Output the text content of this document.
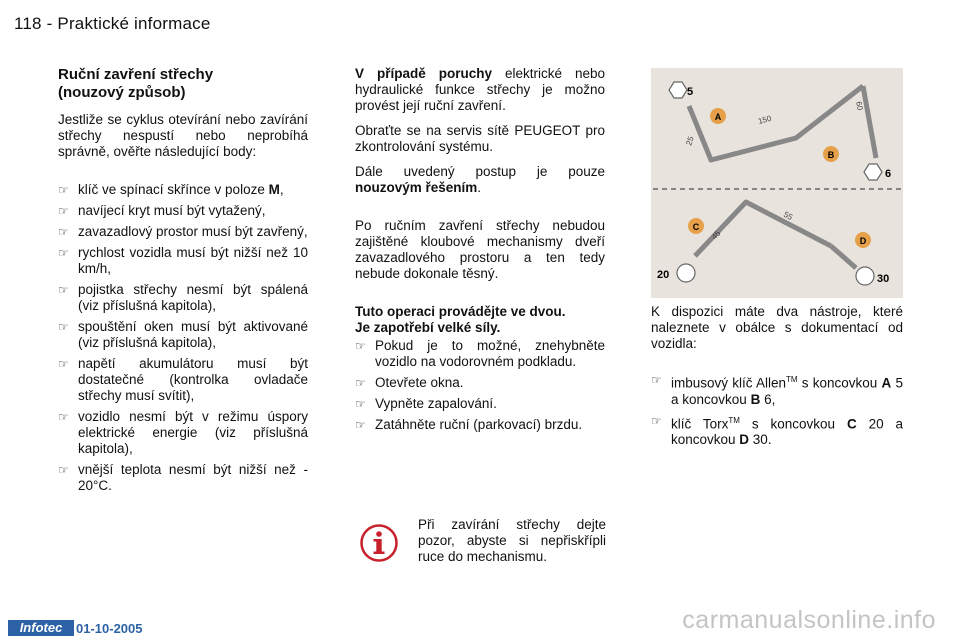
118 - Praktické informace
Ruční zavření střechy
(nouzový způsob)

Jestliže se cyklus otevírání nebo zavírání střechy nespustí nebo neprobíhá správně, ověřte následující body:

☞ klíč ve spínací skřínce v poloze M,
☞ navíjecí kryt musí být vytažený,
☞ zavazadlový prostor musí být zavřený,
☞ rychlost vozidla musí být nižší než 10 km/h,
☞ pojistka střechy nesmí být spálená (viz příslušná kapitola),
☞ spouštění oken musí být aktivované (viz příslušná kapitola),
☞ napětí akumulátoru musí být dostatečné (kontrolka ovladače střechy musí svítit),
☞ vozidlo nesmí být v režimu úspory elektrické energie (viz příslušná kapitola),
☞ vnější teplota nesmí být nižší než - 20°C.

V případě poruchy elektrické nebo hydraulické funkce střechy je možno provést její ruční zavření.

Obraťte se na servis sítě PEUGEOT pro zkontrolování systému.

Dále uvedený postup je pouze nouzovým řešením.

Po ručním zavření střechy nebudou zajištěné kloubové mechanismy dveří zavazadlového prostoru a ten tedy nebude dokonale těsný.

Tuto operaci provádějte ve dvou.
Je zapotřebí velké síly.
☞ Pokud je to možné, znehybněte vozidlo na vodorovném podkladu.
☞ Otevřete okna.
☞ Vypněte zapalování.
☞ Zatáhněte ruční (parkovací) brzdu.
A
B
5
6
25
150
60
C
D
20	30
45
55

K dispozici máte dva nástroje, které naleznete v obálce s dokumentací od vozidla:

☞ imbusový klíč Allen™ s koncovkou A 5 a koncovkou B 6,
☞ klíč Torx™ s koncovkou C 20 a koncovkou D 30.
Při zavírání střechy dejte pozor, abyste si nepřiskřípli ruce do mechanismu.
Infotec	01-10-2005	carmanualsonline.info
